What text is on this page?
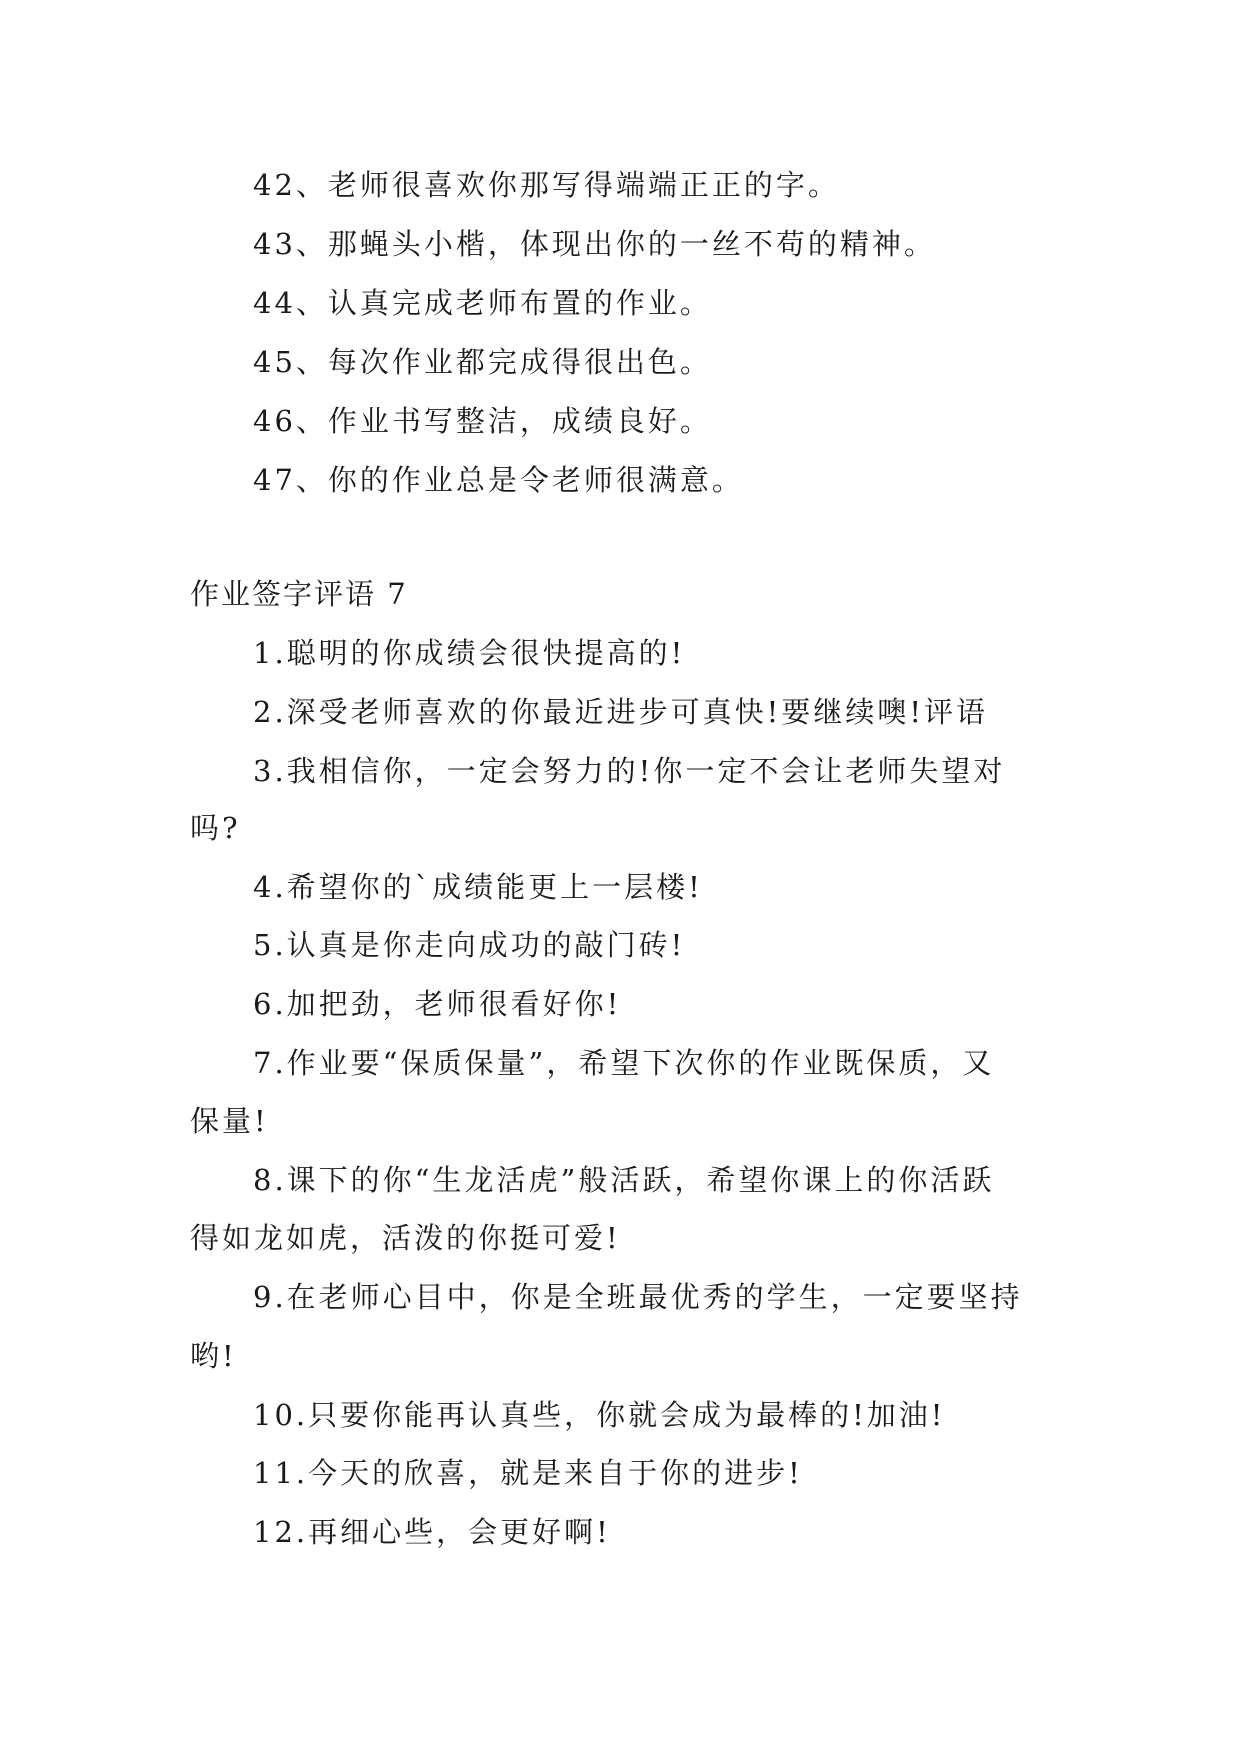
42、老师很喜欢你那写得端端正正的字。
43、那蝇头小楷，体现出你的一丝不苟的精神。
44、认真完成老师布置的作业。
45、每次作业都完成得很出色。
46、作业书写整洁，成绩良好。
47、你的作业总是令老师很满意。
作业签字评语 7
1.聪明的你成绩会很快提高的!
2.深受老师喜欢的你最近进步可真快!要继续噢!评语
3.我相信你，一定会努力的!你一定不会让老师失望对
吗?
4.希望你的`成绩能更上一层楼!
5.认真是你走向成功的敲门砖!
6.加把劲，老师很看好你!
7.作业要“保质保量”，希望下次你的作业既保质，又
保量!
8.课下的你“生龙活虎”般活跃，希望你课上的你活跃
得如龙如虎，活泼的你挺可爱!
9.在老师心目中，你是全班最优秀的学生，一定要坚持
哟!
10.只要你能再认真些，你就会成为最棒的!加油!
11.今天的欣喜，就是来自于你的进步!
12.再细心些，会更好啊!
